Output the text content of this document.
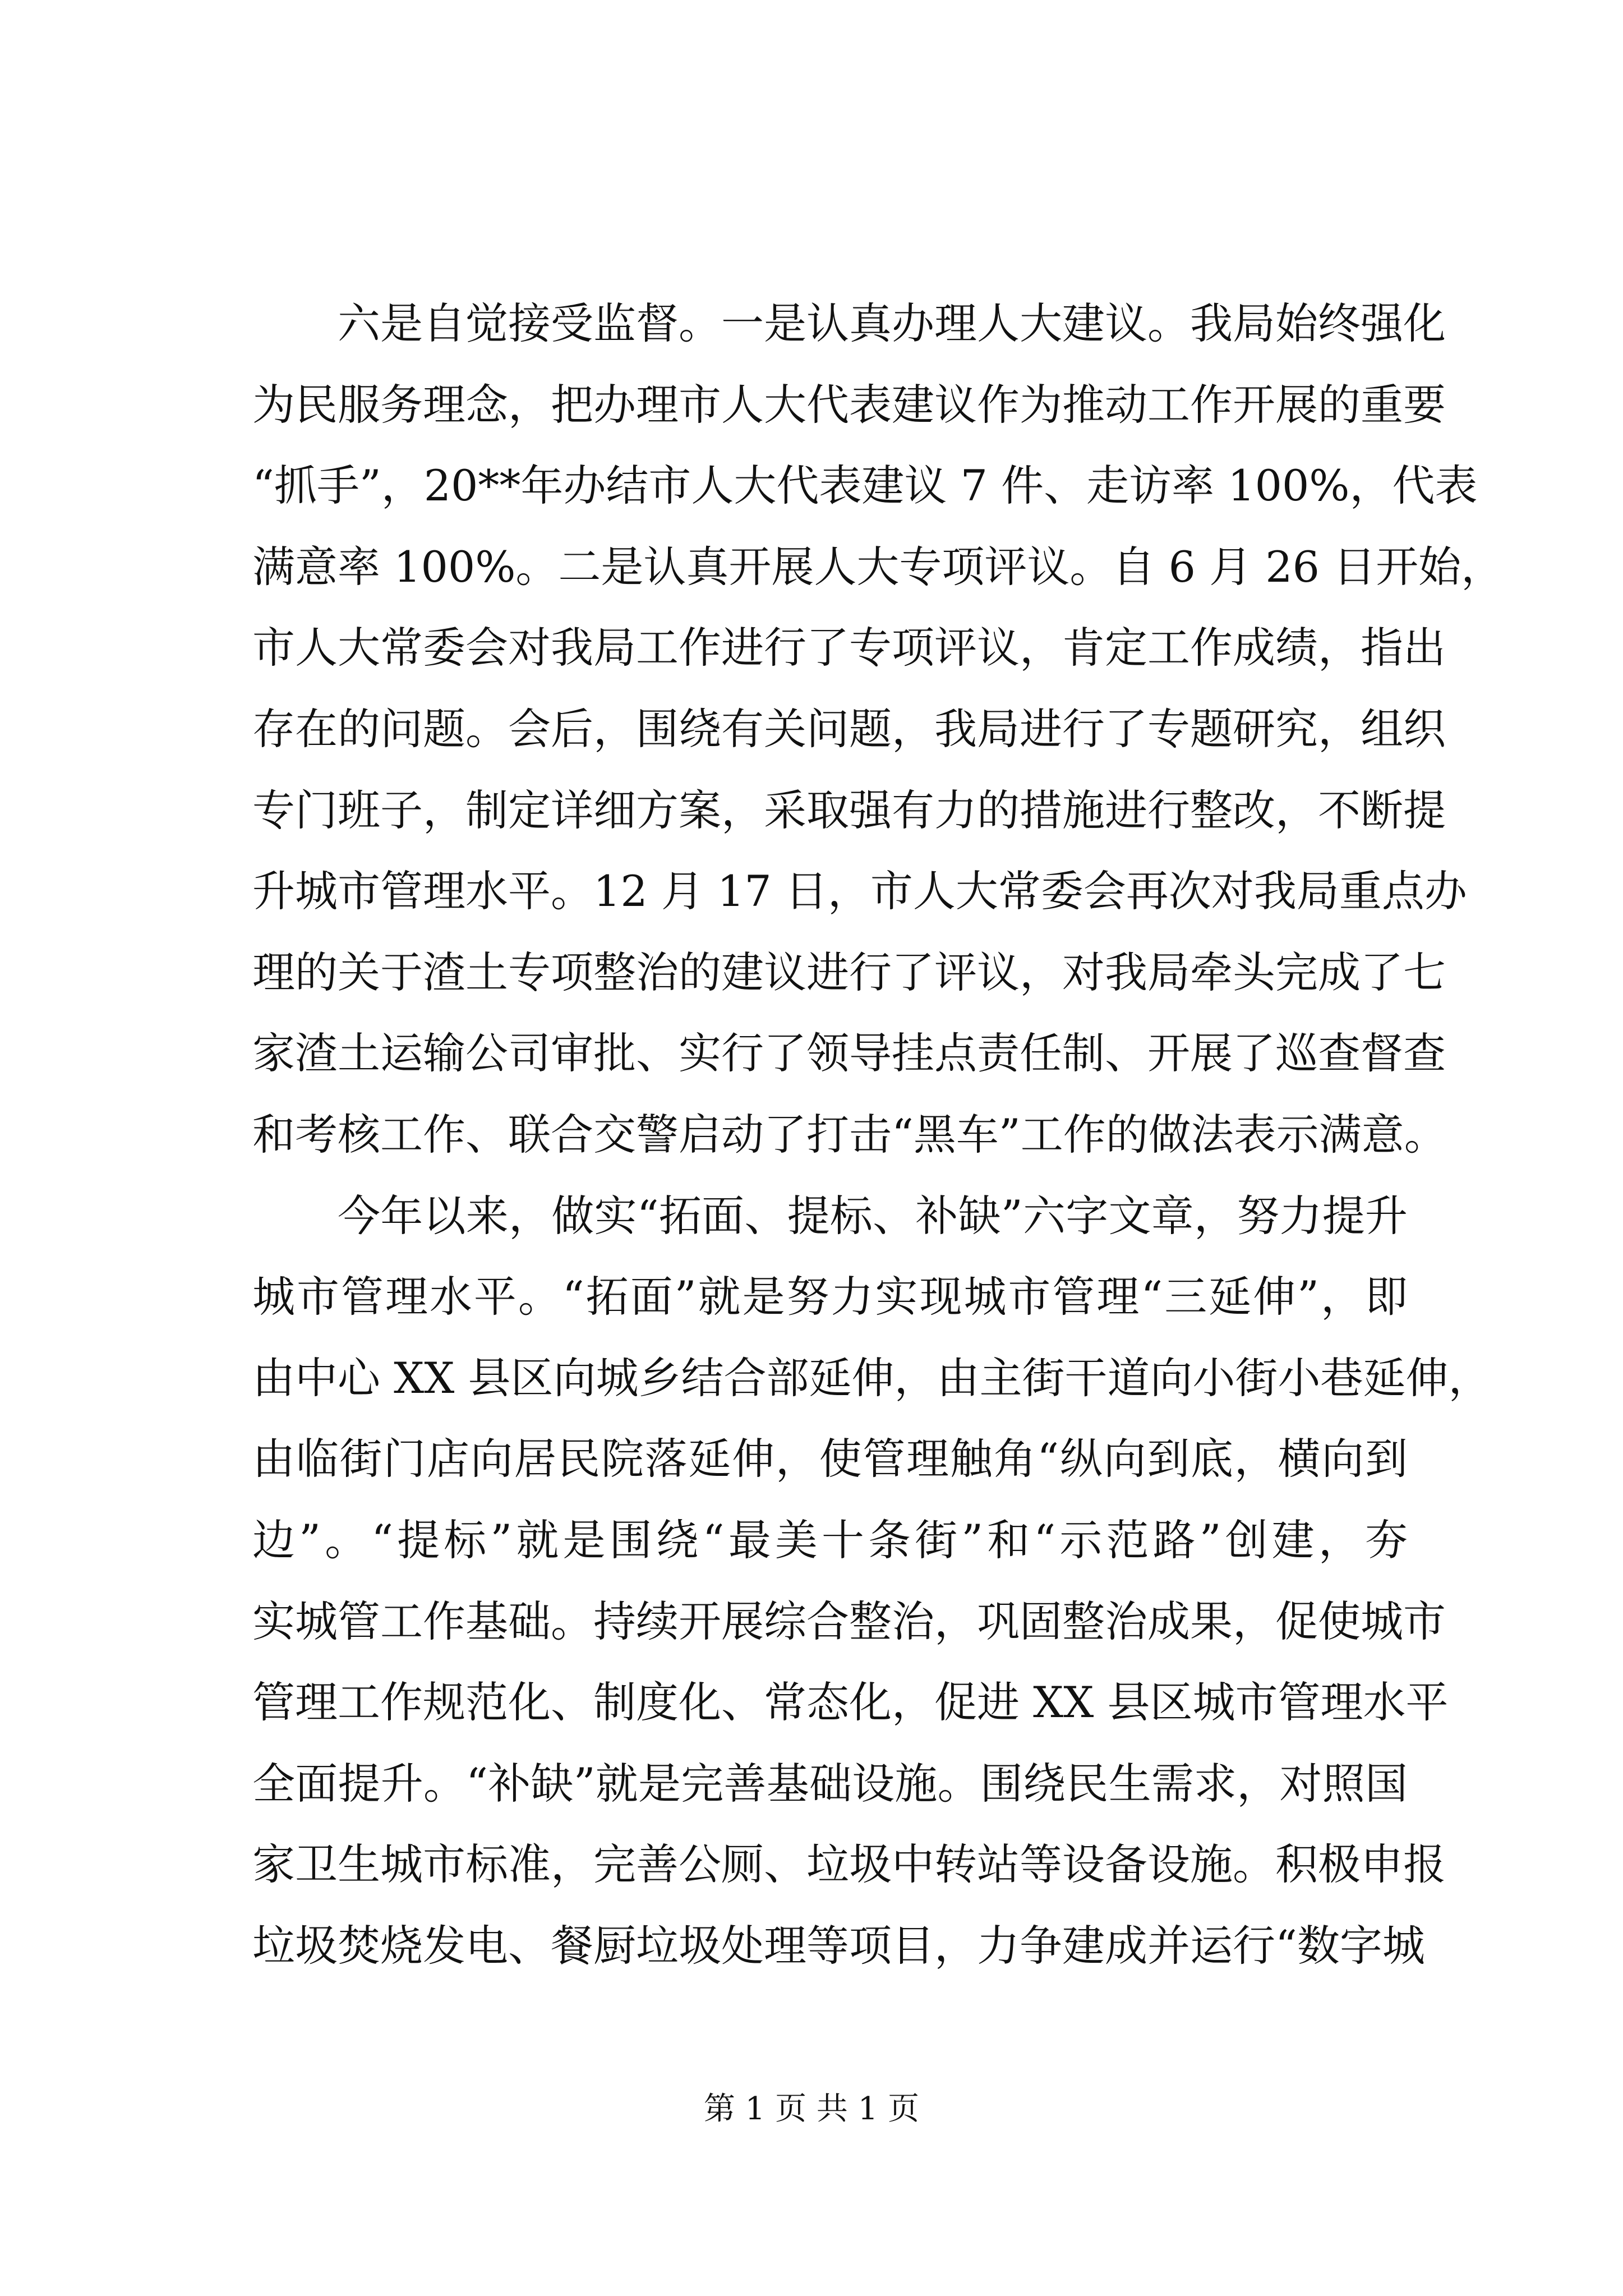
六是自觉接受监督。一是认真办理人大建议。我局始终强化
为民服务理念，把办理市人大代表建议作为推动工作开展的重要
“抓手”，20**年办结市人大代表建议 7 件、走访率 100%，代表
满意率 100%。二是认真开展人大专项评议。自 6 月 26 日开始，
市人大常委会对我局工作进行了专项评议，肯定工作成绩，指出
存在的问题。会后，围绕有关问题，我局进行了专题研究，组织
专门班子，制定详细方案，采取强有力的措施进行整改，不断提
升城市管理水平。12 月 17 日，市人大常委会再次对我局重点办
理的关于渣土专项整治的建议进行了评议，对我局牵头完成了七
家渣土运输公司审批、实行了领导挂点责任制、开展了巡查督查
和考核工作、联合交警启动了打击“黑车”工作的做法表示满意。
今年以来，做实“拓面、提标、补缺”六字文章，努力提升
城市管理水平。“拓面”就是努力实现城市管理“三延伸”，即
由中心 XX 县区向城乡结合部延伸，由主街干道向小街小巷延伸，
由临街门店向居民院落延伸，使管理触角“纵向到底，横向到
边”。“提标”就是围绕“最美十条街”和“示范路”创建，夯
实城管工作基础。持续开展综合整治，巩固整治成果，促使城市
管理工作规范化、制度化、常态化，促进 XX 县区城市管理水平
全面提升。“补缺”就是完善基础设施。围绕民生需求，对照国
家卫生城市标准，完善公厕、垃圾中转站等设备设施。积极申报
垃圾焚烧发电、餐厨垃圾处理等项目，力争建成并运行“数字城
第 1 页 共 1 页
